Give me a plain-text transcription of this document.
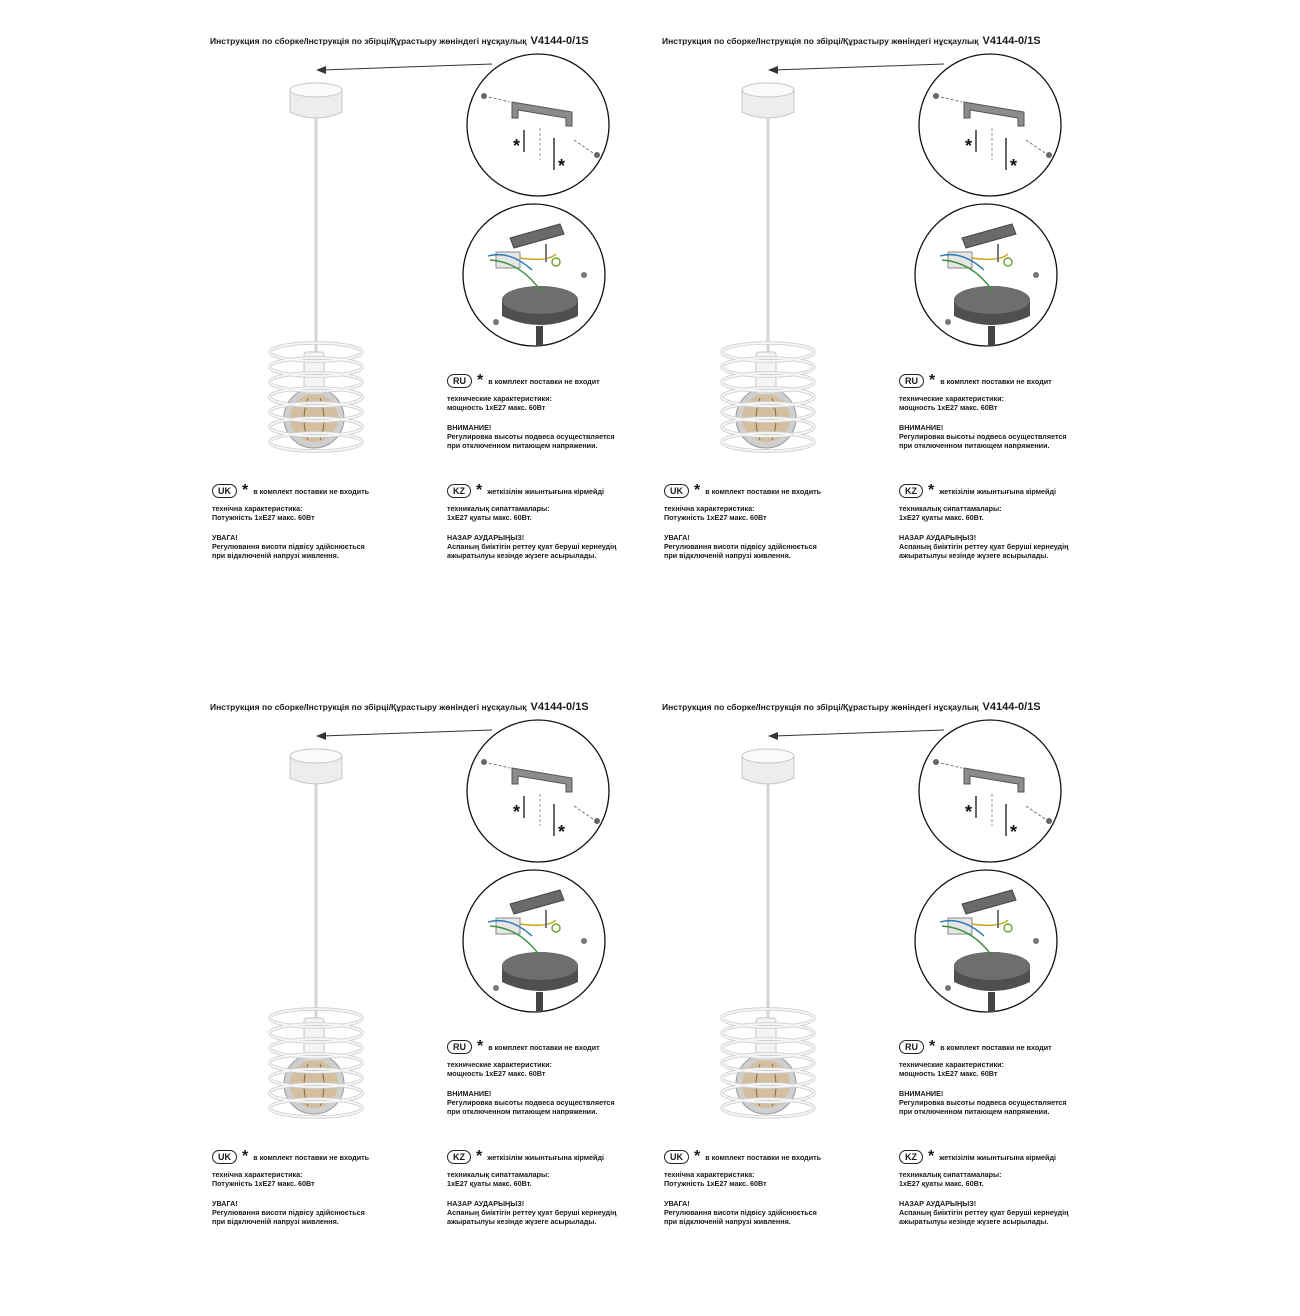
Инструкция по сборке/Інструкція по збірці/Құрастыру жөніндегі нұсқаулық V4144-0/1S
*
*
RU * в комплект поставки не входит
технические характеристики:
мощность 1хЕ27 макс. 60Вт
ВНИМАНИЕ!
Регулировка высоты подвеса осуществляется
при отключенном питающем напряжении.
UK * в комплект поставки не входить
технічна характеристика:
Потужність 1хЕ27 макс. 60Вт
УВАГА!
Регулювання висоти підвісу здійснюється
при відключеній напрузі живлення.
KZ * жеткізілім жиынтығына кірмейді
техникалық сипаттамалары:
1хЕ27 қуаты макс. 60Вт.
НАЗАР АУДАРЫҢЫЗ!
Аспаның биіктігін реттеу қуат беруші кернеудің
ажыратылуы кезінде жүзеге асырылады.
Инструкция по сборке/Інструкція по збірці/Құрастыру жөніндегі нұсқаулық V4144-0/1S
*
*
RU * в комплект поставки не входит
технические характеристики:
мощность 1хЕ27 макс. 60Вт
ВНИМАНИЕ!
Регулировка высоты подвеса осуществляется
при отключенном питающем напряжении.
UK * в комплект поставки не входить
технічна характеристика:
Потужність 1хЕ27 макс. 60Вт
УВАГА!
Регулювання висоти підвісу здійснюється
при відключеній напрузі живлення.
KZ * жеткізілім жиынтығына кірмейді
техникалық сипаттамалары:
1хЕ27 қуаты макс. 60Вт.
НАЗАР АУДАРЫҢЫЗ!
Аспаның биіктігін реттеу қуат беруші кернеудің
ажыратылуы кезінде жүзеге асырылады.
Инструкция по сборке/Інструкція по збірці/Құрастыру жөніндегі нұсқаулық V4144-0/1S
*
*
RU * в комплект поставки не входит
технические характеристики:
мощность 1хЕ27 макс. 60Вт
ВНИМАНИЕ!
Регулировка высоты подвеса осуществляется
при отключенном питающем напряжении.
UK * в комплект поставки не входить
технічна характеристика:
Потужність 1хЕ27 макс. 60Вт
УВАГА!
Регулювання висоти підвісу здійснюється
при відключеній напрузі живлення.
KZ * жеткізілім жиынтығына кірмейді
техникалық сипаттамалары:
1хЕ27 қуаты макс. 60Вт.
НАЗАР АУДАРЫҢЫЗ!
Аспаның биіктігін реттеу қуат беруші кернеудің
ажыратылуы кезінде жүзеге асырылады.
Инструкция по сборке/Інструкція по збірці/Құрастыру жөніндегі нұсқаулық V4144-0/1S
*
*
RU * в комплект поставки не входит
технические характеристики:
мощность 1хЕ27 макс. 60Вт
ВНИМАНИЕ!
Регулировка высоты подвеса осуществляется
при отключенном питающем напряжении.
UK * в комплект поставки не входить
технічна характеристика:
Потужність 1хЕ27 макс. 60Вт
УВАГА!
Регулювання висоти підвісу здійснюється
при відключеній напрузі живлення.
KZ * жеткізілім жиынтығына кірмейді
техникалық сипаттамалары:
1хЕ27 қуаты макс. 60Вт.
НАЗАР АУДАРЫҢЫЗ!
Аспаның биіктігін реттеу қуат беруші кернеудің
ажыратылуы кезінде жүзеге асырылады.
